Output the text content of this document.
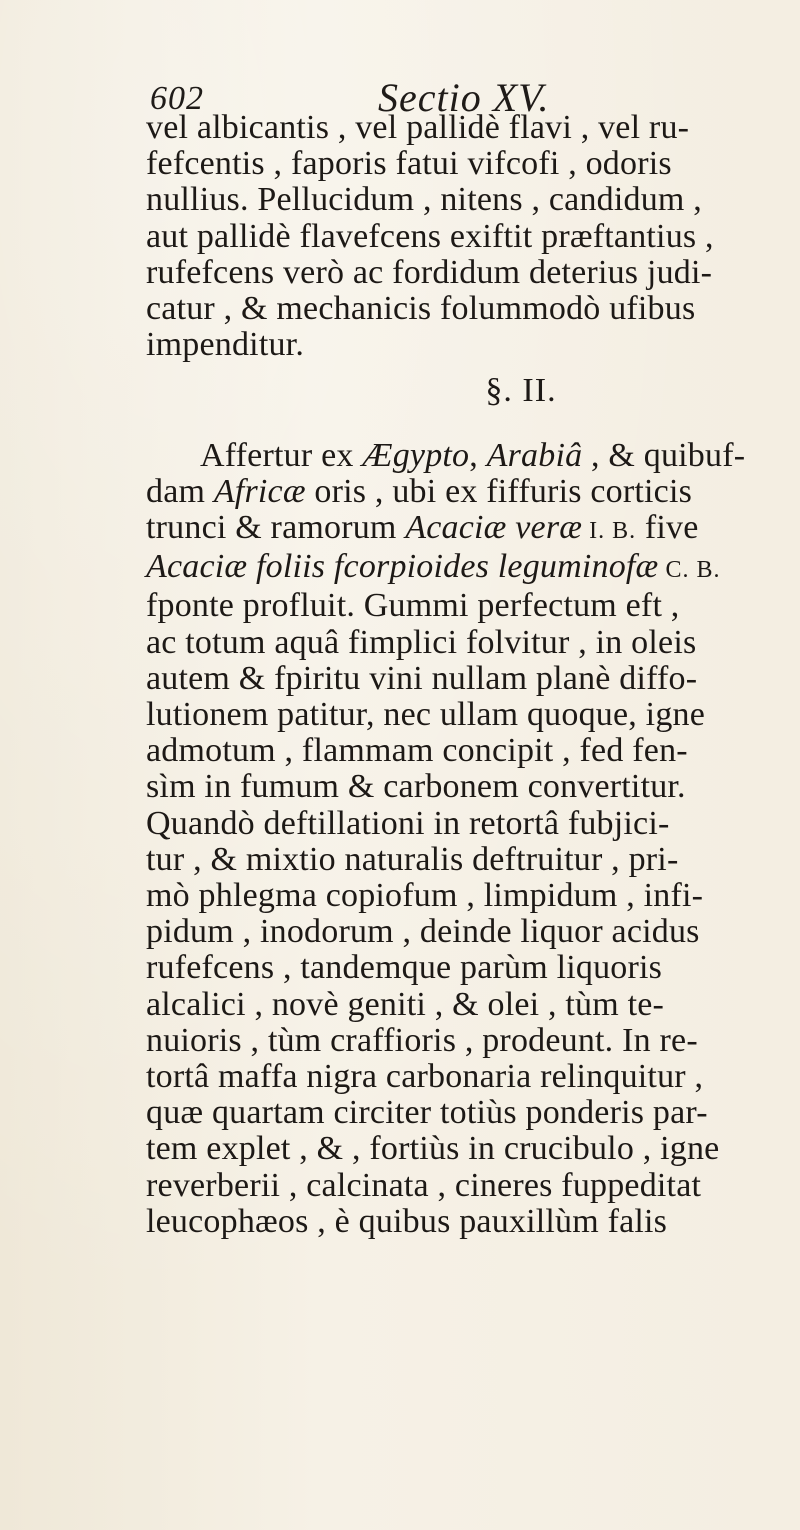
602	Sectio XV.
vel albicantis , vel pallidè flavi , vel ru-
fefcentis , faporis fatui vifcofi , odoris
nullius. Pellucidum , nitens , candidum ,
aut pallidè flavefcens exiftit præftantius ,
rufefcens verò ac fordidum deterius judi-
catur , & mechanicis folummodò ufibus
impenditur.
§. II.
Affertur ex Ægypto, Arabiâ , & quibuf-
dam Africæ oris , ubi ex fiffuris corticis
trunci & ramorum Acaciæ veræ I. B. five
Acaciæ foliis fcorpioides leguminofæ C. B.
fponte profluit. Gummi perfectum eft ,
ac totum aquâ fimplici folvitur , in oleis
autem & fpiritu vini nullam planè diffo-
lutionem patitur, nec ullam quoque, igne
admotum , flammam concipit , fed fen-
sìm in fumum & carbonem convertitur.
Quandò deftillationi in retortâ fubjici-
tur , & mixtio naturalis deftruitur , pri-
mò phlegma copiofum , limpidum , infi-
pidum , inodorum , deinde liquor acidus
rufefcens , tandemque parùm liquoris
alcalici , novè geniti , & olei , tùm te-
nuioris , tùm craffioris , prodeunt. In re-
tortâ maffa nigra carbonaria relinquitur ,
quæ quartam circiter totiùs ponderis par-
tem explet , & , fortiùs in crucibulo , igne
reverberii , calcinata , cineres fuppeditat
leucophæos , è quibus pauxillùm falis
